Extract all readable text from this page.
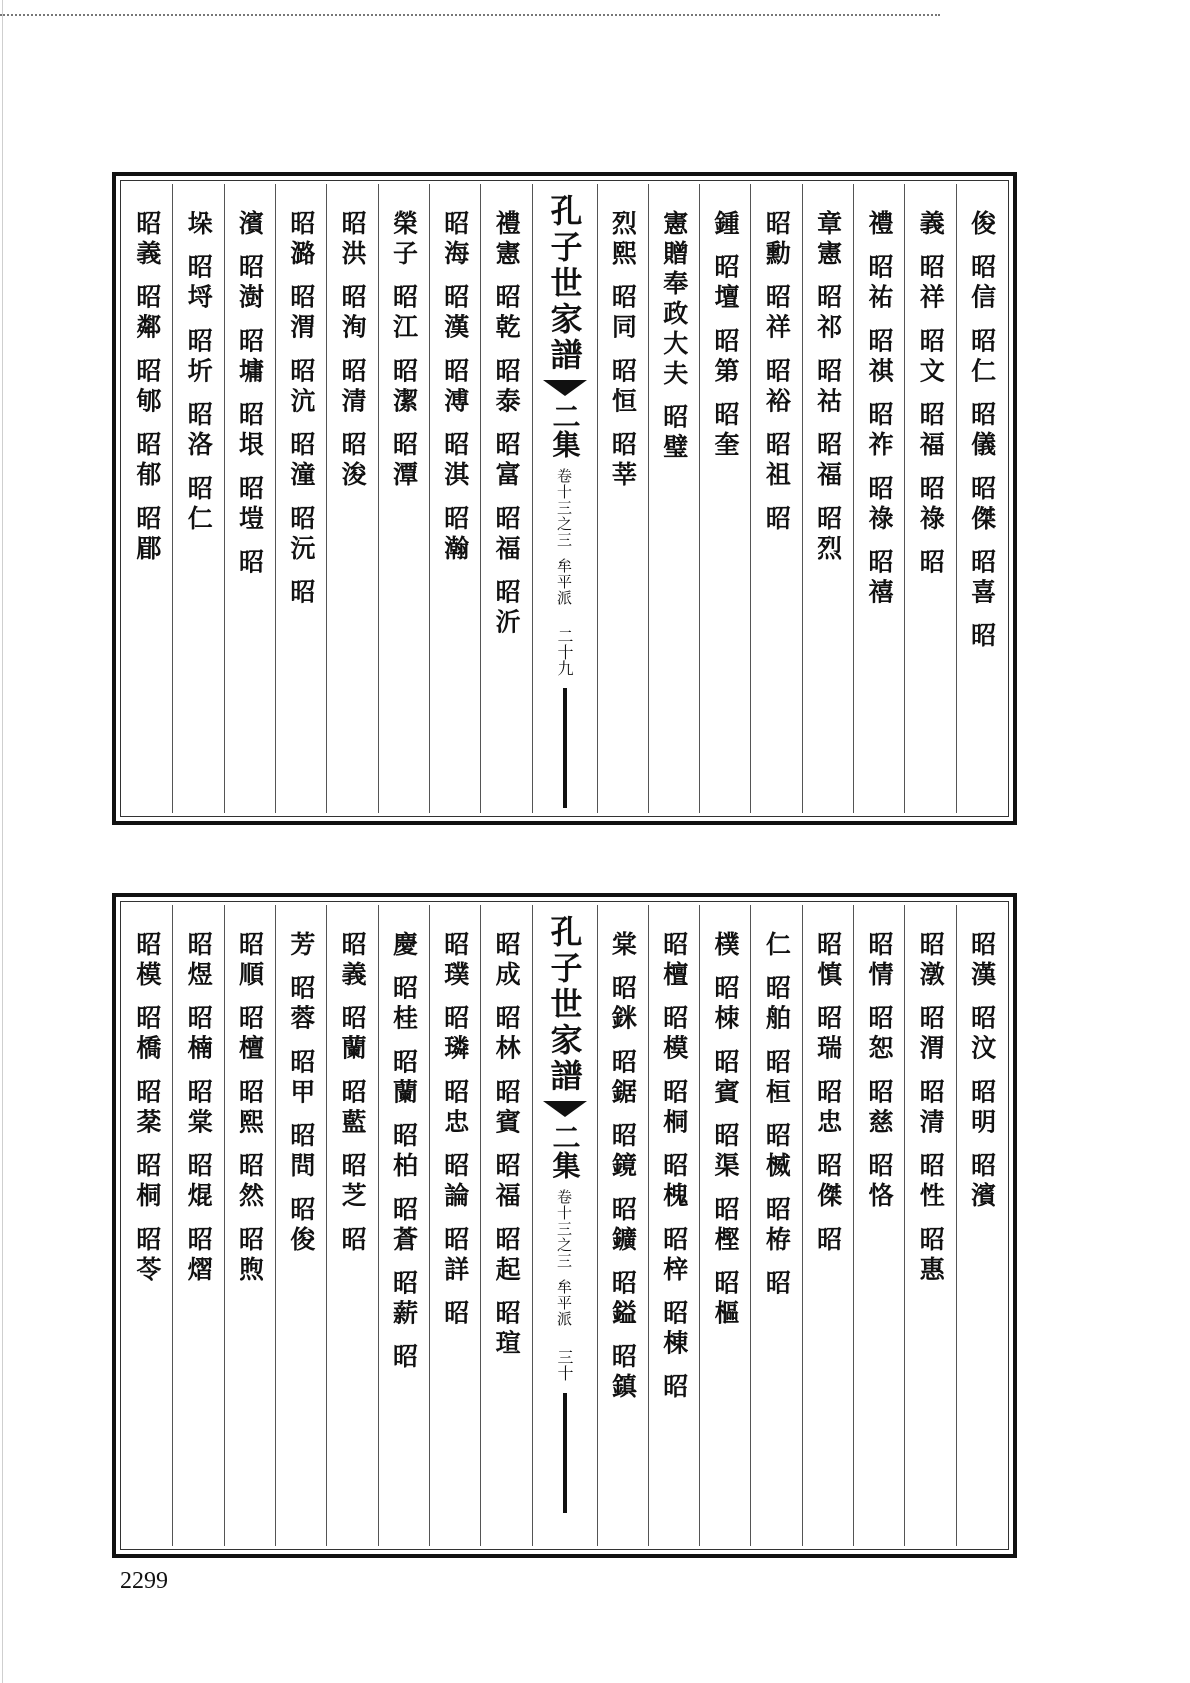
俊 昭信 昭仁 昭儀 昭傑 昭喜 昭
義 昭祥 昭文 昭福 昭祿 昭
禮 昭祐 昭祺 昭祚 昭祿 昭禧
章憲 昭祁 昭祜 昭福 昭烈
昭勳 昭祥 昭裕 昭祖 昭
鍾 昭壇 昭第 昭奎
憲贈奉政大夫 昭璧
烈熙 昭同 昭恒 昭莘
孔子世家譜
二集
卷十三之三
牟平派
二十九
禮憲 昭乾 昭泰 昭富 昭福 昭沂
昭海 昭漢 昭溥 昭淇 昭瀚
榮子 昭江 昭潔 昭潭
昭洪 昭洵 昭清 昭浚
昭潞 昭渭 昭沆 昭潼 昭沅 昭
濱 昭澍 昭墉 昭垠 昭塏 昭
垛 昭埒 昭圻 昭洛 昭仁
昭義 昭鄰 昭郇 昭郁 昭郿
昭漢 昭汶 昭明 昭濱
昭潡 昭渭 昭清 昭性 昭惠
昭情 昭恕 昭慈 昭恪
昭慎 昭瑞 昭忠 昭傑 昭
仁 昭舶 昭桓 昭楲 昭栫 昭
樸 昭栜 昭賓 昭渠 昭樫 昭樞
昭檀 昭模 昭桐 昭槐 昭梓 昭棟 昭
棠 昭銤 昭鋸 昭鏡 昭鑛 昭鎰 昭鎮
孔子世家譜
二集
卷十三之三
牟平派
三十
昭成 昭林 昭賓 昭福 昭起 昭瑄
昭璞 昭璘 昭忠 昭論 昭詳 昭
慶 昭桂 昭蘭 昭柏 昭蒼 昭薪 昭
昭義 昭蘭 昭藍 昭芝 昭
芳 昭蓉 昭甲 昭問 昭俊
昭順 昭檀 昭熙 昭然 昭煦
昭煜 昭楠 昭棠 昭焜 昭熠
昭模 昭橋 昭棻 昭桐 昭苓
2299
